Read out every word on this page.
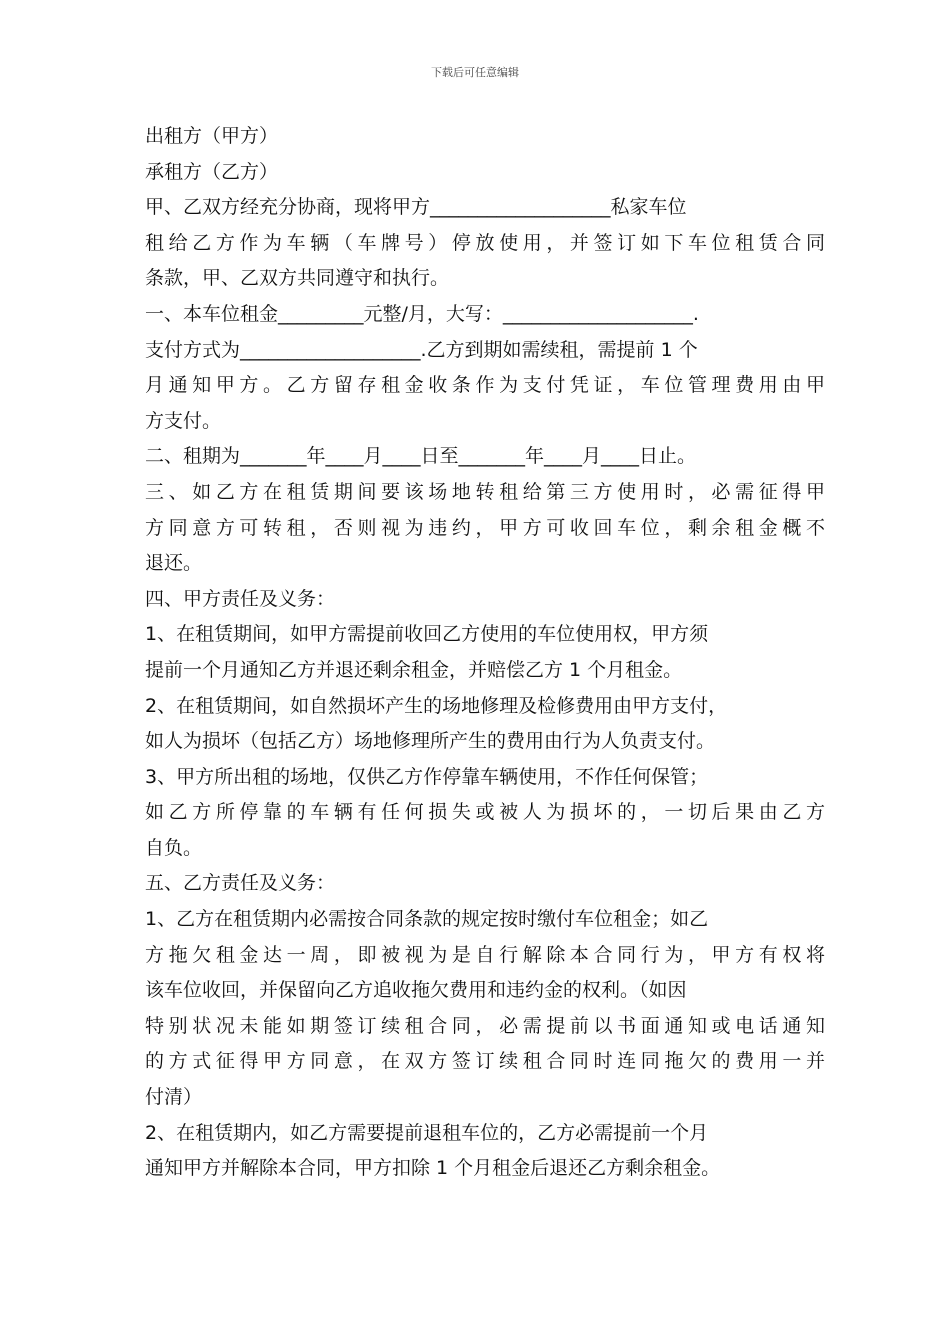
下载后可任意编辑
出租方（甲方）
承租方（乙方）
甲、乙双方经充分协商，现将甲方___________________私家车位
租给乙方作为车辆（车牌号）停放使用，并签订如下车位租赁合同
条款，甲、乙双方共同遵守和执行。
一、本车位租金_________元整/月，大写：____________________.
支付方式为___________________.乙方到期如需续租，需提前 1 个
月通知甲方。乙方留存租金收条作为支付凭证，车位管理费用由甲
方支付。
二、租期为_______年____月____日至_______年____月____日止。
三、如乙方在租赁期间要该场地转租给第三方使用时，必需征得甲
方同意方可转租，否则视为违约，甲方可收回车位，剩余租金概不
退还。
四、甲方责任及义务：
1、在租赁期间，如甲方需提前收回乙方使用的车位使用权，甲方须
提前一个月通知乙方并退还剩余租金，并赔偿乙方 1 个月租金。
2、在租赁期间，如自然损坏产生的场地修理及检修费用由甲方支付，
如人为损坏（包括乙方）场地修理所产生的费用由行为人负责支付。
3、甲方所出租的场地，仅供乙方作停靠车辆使用，不作任何保管；
如乙方所停靠的车辆有任何损失或被人为损坏的，一切后果由乙方
自负。
五、乙方责任及义务：
1、乙方在租赁期内必需按合同条款的规定按时缴付车位租金；如乙
方拖欠租金达一周，即被视为是自行解除本合同行为，甲方有权将
该车位收回，并保留向乙方追收拖欠费用和违约金的权利。（如因
特别状况未能如期签订续租合同，必需提前以书面通知或电话通知
的方式征得甲方同意，在双方签订续租合同时连同拖欠的费用一并
付清）
2、在租赁期内，如乙方需要提前退租车位的，乙方必需提前一个月
通知甲方并解除本合同，甲方扣除 1 个月租金后退还乙方剩余租金。
